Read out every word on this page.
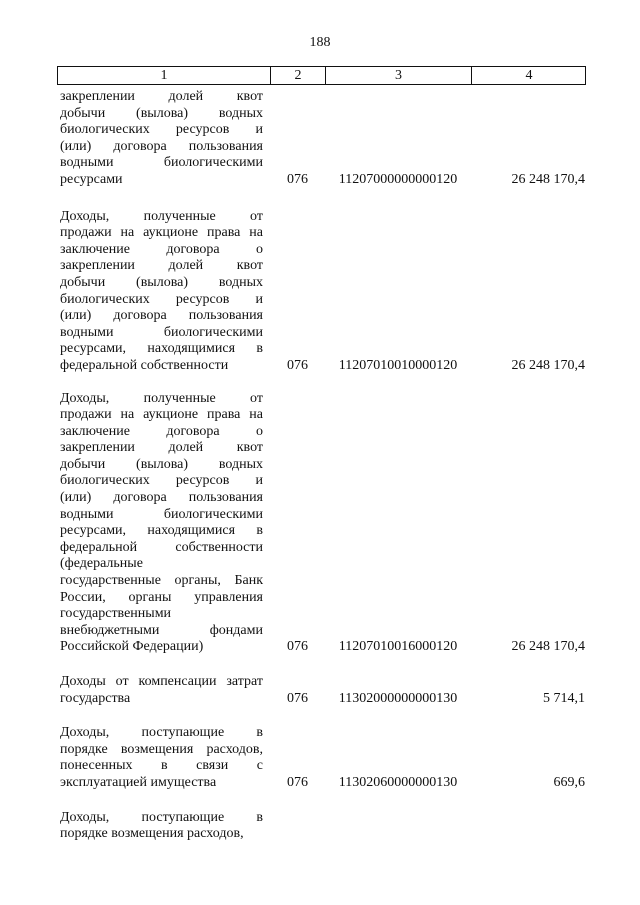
188
1	2	3	4
закреплении долей квот
добычи (вылова) водных
биологических ресурсов и
(или) договора пользования
водными биологическими
ресурсами	076	11207000000000120	26 248 170,4
Доходы, полученные от
продажи на аукционе права на
заключение договора о
закреплении долей квот
добычи (вылова) водных
биологических ресурсов и
(или) договора пользования
водными биологическими
ресурсами, находящимися в
федеральной собственности	076	11207010010000120	26 248 170,4
Доходы, полученные от
продажи на аукционе права на
заключение договора о
закреплении долей квот
добычи (вылова) водных
биологических ресурсов и
(или) договора пользования
водными биологическими
ресурсами, находящимися в
федеральной собственности
(федеральные
государственные органы, Банк
России, органы управления
государственными
внебюджетными фондами
Российской Федерации)	076	11207010016000120	26 248 170,4
Доходы от компенсации затрат
государства	076	11302000000000130	5 714,1
Доходы, поступающие в
порядке возмещения расходов,
понесенных в связи с
эксплуатацией имущества	076	11302060000000130	669,6
Доходы, поступающие в
порядке возмещения расходов,
